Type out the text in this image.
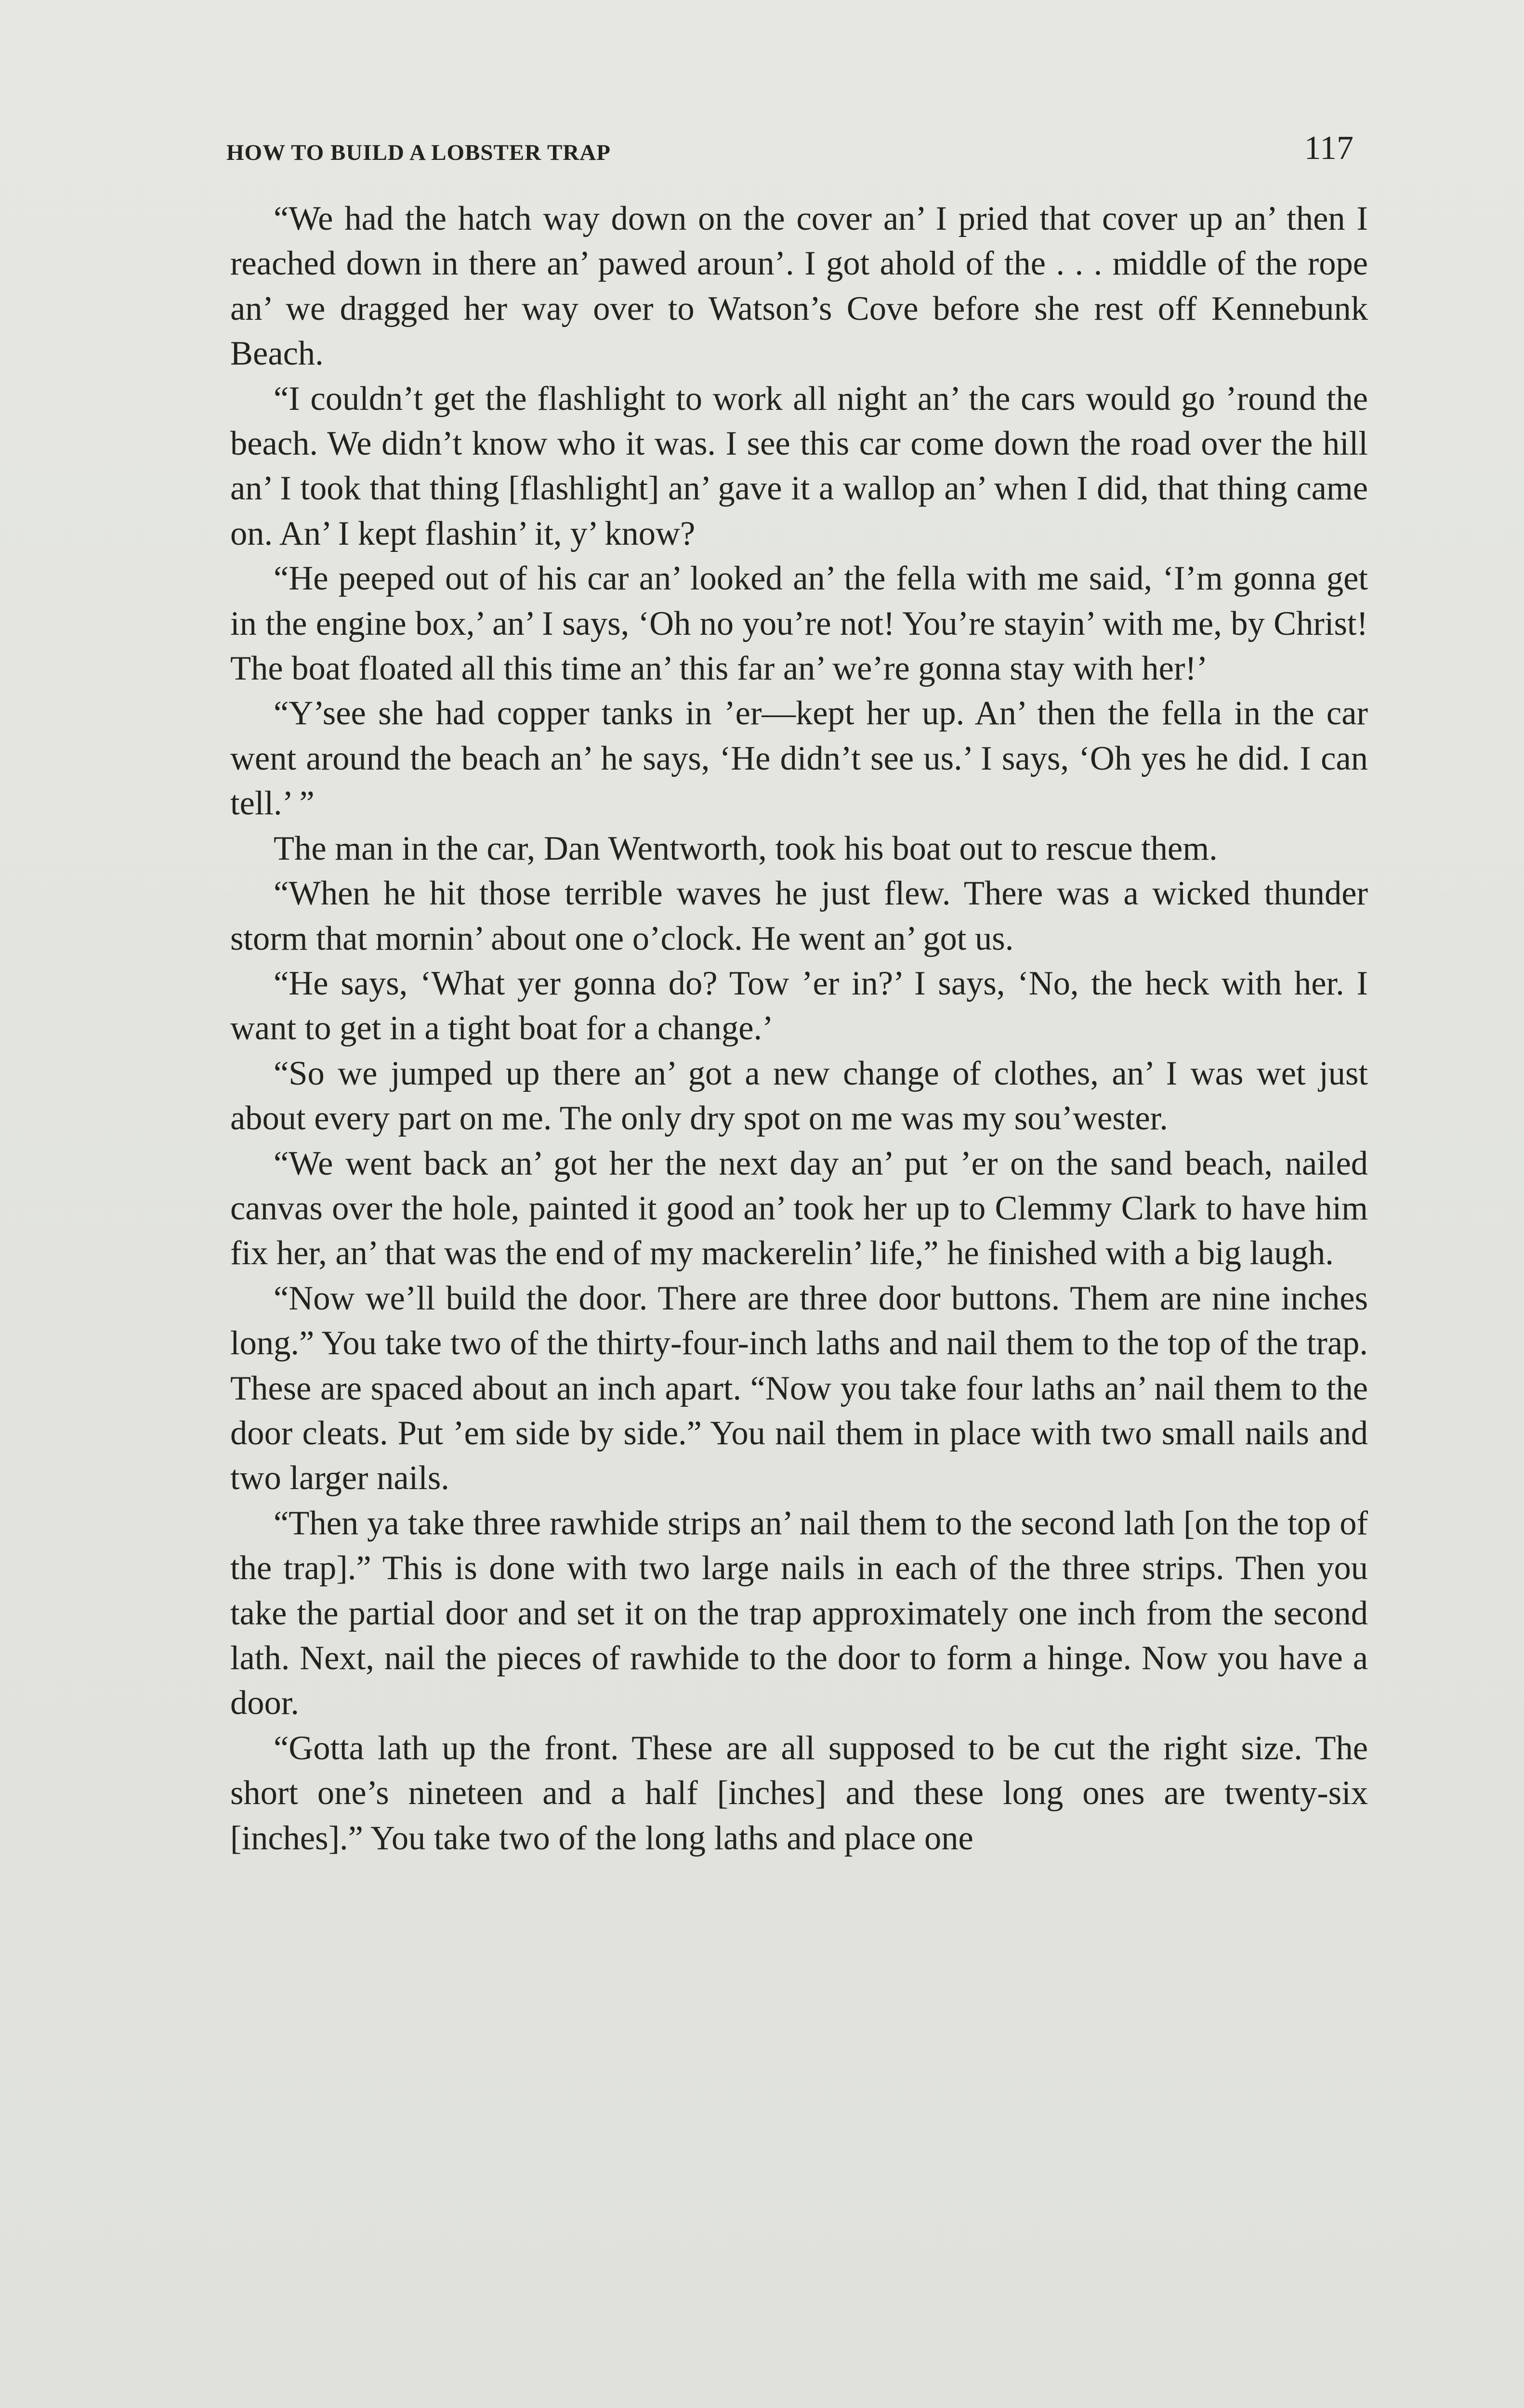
HOW TO BUILD A LOBSTER TRAP	117

“We had the hatch way down on the cover an’ I pried that cover up an’ then I reached down in there an’ pawed aroun’. I got ahold of the . . . middle of the rope an’ we dragged her way over to Watson’s Cove before she rest off Kennebunk Beach.

“I couldn’t get the flashlight to work all night an’ the cars would go ’round the beach. We didn’t know who it was. I see this car come down the road over the hill an’ I took that thing [flashlight] an’ gave it a wallop an’ when I did, that thing came on. An’ I kept flashin’ it, y’ know?

“He peeped out of his car an’ looked an’ the fella with me said, ‘I’m gonna get in the engine box,’ an’ I says, ‘Oh no you’re not! You’re stayin’ with me, by Christ! The boat floated all this time an’ this far an’ we’re gonna stay with her!’

“Y’see she had copper tanks in ’er—kept her up. An’ then the fella in the car went around the beach an’ he says, ‘He didn’t see us.’ I says, ‘Oh yes he did. I can tell.’ ”

The man in the car, Dan Wentworth, took his boat out to rescue them.

“When he hit those terrible waves he just flew. There was a wicked thunder storm that mornin’ about one o’clock. He went an’ got us.

“He says, ‘What yer gonna do? Tow ’er in?’ I says, ‘No, the heck with her. I want to get in a tight boat for a change.’

“So we jumped up there an’ got a new change of clothes, an’ I was wet just about every part on me. The only dry spot on me was my sou’wester.

“We went back an’ got her the next day an’ put ’er on the sand beach, nailed canvas over the hole, painted it good an’ took her up to Clemmy Clark to have him fix her, an’ that was the end of my mackerelin’ life,” he finished with a big laugh.

“Now we’ll build the door. There are three door buttons. Them are nine inches long.” You take two of the thirty-four-inch laths and nail them to the top of the trap. These are spaced about an inch apart. “Now you take four laths an’ nail them to the door cleats. Put ’em side by side.” You nail them in place with two small nails and two larger nails.

“Then ya take three rawhide strips an’ nail them to the second lath [on the top of the trap].” This is done with two large nails in each of the three strips. Then you take the partial door and set it on the trap approximately one inch from the second lath. Next, nail the pieces of rawhide to the door to form a hinge. Now you have a door.

“Gotta lath up the front. These are all supposed to be cut the right size. The short one’s nineteen and a half [inches] and these long ones are twenty-six [inches].” You take two of the long laths and place one
